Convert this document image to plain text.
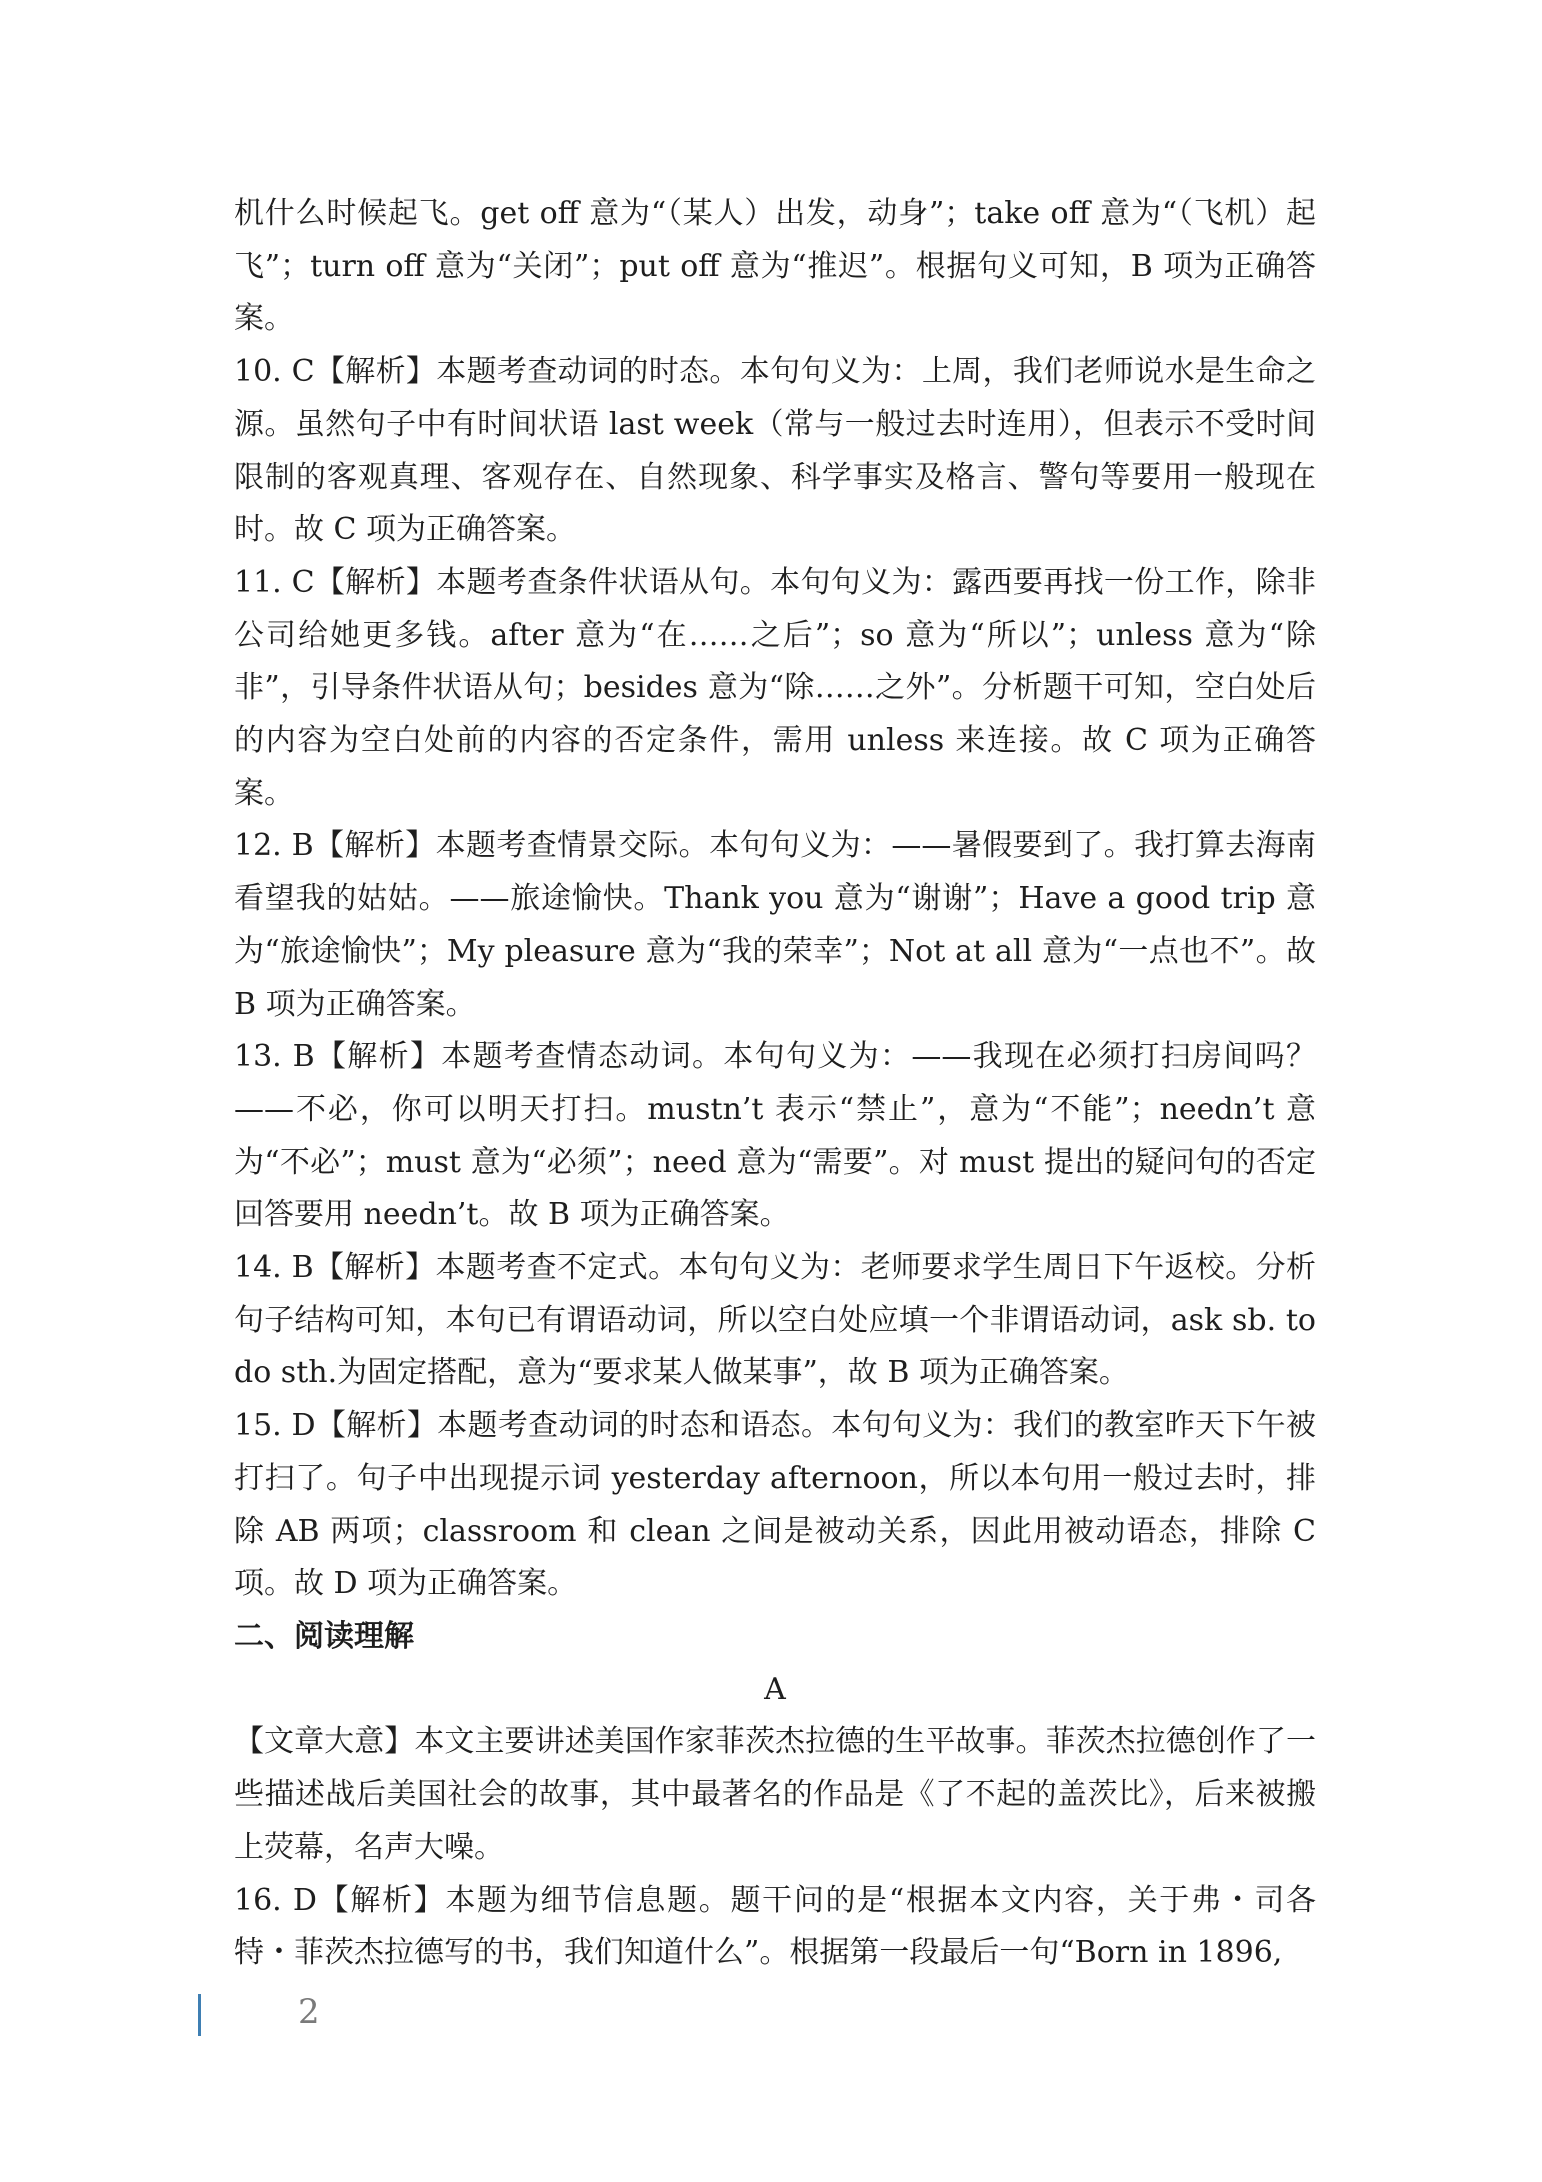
机什么时候起飞。get off 意为“（某人）出发，动身”；take off 意为“（飞机）起飞”；turn off 意为“关闭”；put off 意为“推迟”。根据句义可知，B 项为正确答案。

10. C【解析】本题考查动词的时态。本句句义为：上周，我们老师说水是生命之源。虽然句子中有时间状语 last week（常与一般过去时连用），但表示不受时间限制的客观真理、客观存在、自然现象、科学事实及格言、警句等要用一般现在时。故 C 项为正确答案。

11. C【解析】本题考查条件状语从句。本句句义为：露西要再找一份工作，除非公司给她更多钱。after 意为“在……之后”；so 意为“所以”；unless 意为“除非”，引导条件状语从句；besides 意为“除……之外”。分析题干可知，空白处后的内容为空白处前的内容的否定条件，需用 unless 来连接。故 C 项为正确答案。

12. B【解析】本题考查情景交际。本句句义为：——暑假要到了。我打算去海南看望我的姑姑。——旅途愉快。Thank you 意为“谢谢”；Have a good trip 意为“旅途愉快”；My pleasure 意为“我的荣幸”；Not at all 意为“一点也不”。故 B 项为正确答案。

13. B【解析】本题考查情态动词。本句句义为：——我现在必须打扫房间吗？——不必，你可以明天打扫。mustn’t 表示“禁止”，意为“不能”；needn’t 意为“不必”；must 意为“必须”；need 意为“需要”。对 must 提出的疑问句的否定回答要用 needn’t。故 B 项为正确答案。

14. B【解析】本题考查不定式。本句句义为：老师要求学生周日下午返校。分析句子结构可知，本句已有谓语动词，所以空白处应填一个非谓语动词，ask sb. to do sth.为固定搭配，意为“要求某人做某事”，故 B 项为正确答案。

15. D【解析】本题考查动词的时态和语态。本句句义为：我们的教室昨天下午被打扫了。句子中出现提示词 yesterday afternoon，所以本句用一般过去时，排除 AB 两项；classroom 和 clean 之间是被动关系，因此用被动语态，排除 C 项。故 D 项为正确答案。

二、阅读理解

A

【文章大意】本文主要讲述美国作家菲茨杰拉德的生平故事。菲茨杰拉德创作了一些描述战后美国社会的故事，其中最著名的作品是《了不起的盖茨比》，后来被搬上荧幕，名声大噪。

16. D【解析】本题为细节信息题。题干问的是“根据本文内容，关于弗・司各特・菲茨杰拉德写的书，我们知道什么”。根据第一段最后一句“Born in 1896,

2
